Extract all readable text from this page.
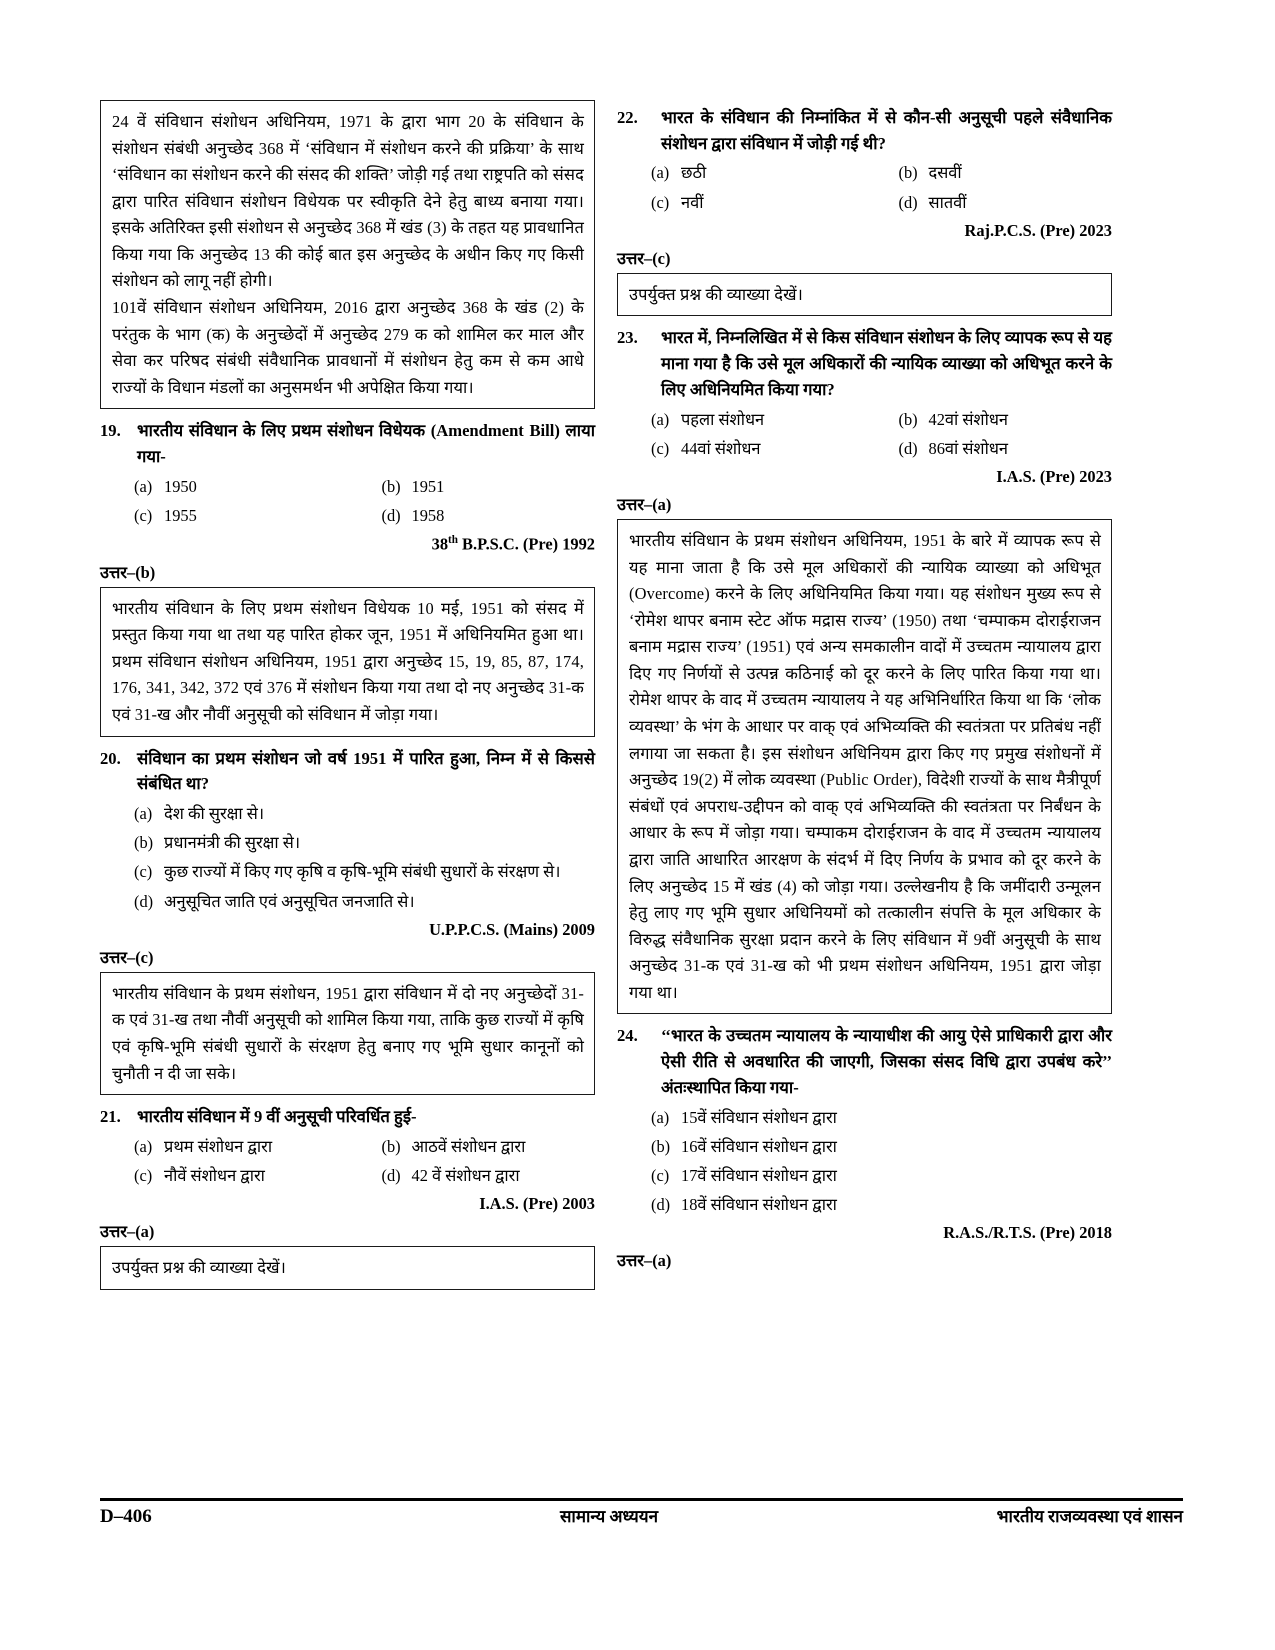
24 वें संविधान संशोधन अधिनियम, 1971 के द्वारा भाग 20 के संविधान के संशोधन संबंधी अनुच्छेद 368 में ‘संविधान में संशोधन करने की प्रक्रिया’ के साथ ‘संविधान का संशोधन करने की संसद की शक्ति’ जोड़ी गई तथा राष्ट्रपति को संसद द्वारा पारित संविधान संशोधन विधेयक पर स्वीकृति देने हेतु बाध्य बनाया गया। इसके अतिरिक्त इसी संशोधन से अनुच्छेद 368 में खंड (3) के तहत यह प्रावधानित किया गया कि अनुच्छेद 13 की कोई बात इस अनुच्छेद के अधीन किए गए किसी संशोधन को लागू नहीं होगी।

101वें संविधान संशोधन अधिनियम, 2016 द्वारा अनुच्छेद 368 के खंड (2) के परंतुक के भाग (क) के अनुच्छेदों में अनुच्छेद 279 क को शामिल कर माल और सेवा कर परिषद संबंधी संवैधानिक प्रावधानों में संशोधन हेतु कम से कम आधे राज्यों के विधान मंडलों का अनुसमर्थन भी अपेक्षित किया गया।

19. भारतीय संविधान के लिए प्रथम संशोधन विधेयक (Amendment Bill) लाया गया-
(a) 1950	(b) 1951
(c) 1955	(d) 1958
38th B.P.S.C. (Pre) 1992
उत्तर–(b)

भारतीय संविधान के लिए प्रथम संशोधन विधेयक 10 मई, 1951 को संसद में प्रस्तुत किया गया था तथा यह पारित होकर जून, 1951 में अधिनियमित हुआ था। प्रथम संविधान संशोधन अधिनियम, 1951 द्वारा अनुच्छेद 15, 19, 85, 87, 174, 176, 341, 342, 372 एवं 376 में संशोधन किया गया तथा दो नए अनुच्छेद 31-क एवं 31-ख और नौवीं अनुसूची को संविधान में जोड़ा गया।

20. संविधान का प्रथम संशोधन जो वर्ष 1951 में पारित हुआ, निम्न में से किससे संबंधित था?
(a) देश की सुरक्षा से।
(b) प्रधानमंत्री की सुरक्षा से।
(c) कुछ राज्यों में किए गए कृषि व कृषि-भूमि संबंधी सुधारों के संरक्षण से।
(d) अनुसूचित जाति एवं अनुसूचित जनजाति से।
U.P.P.C.S. (Mains) 2009
उत्तर–(c)

भारतीय संविधान के प्रथम संशोधन, 1951 द्वारा संविधान में दो नए अनुच्छेदों 31-क एवं 31-ख तथा नौवीं अनुसूची को शामिल किया गया, ताकि कुछ राज्यों में कृषि एवं कृषि-भूमि संबंधी सुधारों के संरक्षण हेतु बनाए गए भूमि सुधार कानूनों को चुनौती न दी जा सके।

21. भारतीय संविधान में 9 वीं अनुसूची परिवर्धित हुई-
(a) प्रथम संशोधन द्वारा	(b) आठवें संशोधन द्वारा
(c) नौवें संशोधन द्वारा	(d) 42 वें संशोधन द्वारा
I.A.S. (Pre) 2003
उत्तर–(a)

उपर्युक्त प्रश्न की व्याख्या देखें।

22.	भारत के संविधान की निम्नांकित में से कौन-सी अनुसूची पहले संवैधानिक संशोधन द्वारा संविधान में जोड़ी गई थी?
(a) छठी	(b) दसवीं
(c) नवीं	(d) सातवीं
Raj.P.C.S. (Pre) 2023
उत्तर–(c)

उपर्युक्त प्रश्न की व्याख्या देखें।

23.	भारत में, निम्नलिखित में से किस संविधान संशोधन के लिए व्यापक रूप से यह माना गया है कि उसे मूल अधिकारों की न्यायिक व्याख्या को अधिभूत करने के लिए अधिनियमित किया गया?
(a) पहला संशोधन	(b) 42वां संशोधन
(c) 44वां संशोधन	(d) 86वां संशोधन
I.A.S. (Pre) 2023
उत्तर–(a)

भारतीय संविधान के प्रथम संशोधन अधिनियम, 1951 के बारे में व्यापक रूप से यह माना जाता है कि उसे मूल अधिकारों की न्यायिक व्याख्या को अधिभूत (Overcome) करने के लिए अधिनियमित किया गया। यह संशोधन मुख्य रूप से ‘रोमेश थापर बनाम स्टेट ऑफ मद्रास राज्य’ (1950) तथा ‘चम्पाकम दोराईराजन बनाम मद्रास राज्य’ (1951) एवं अन्य समकालीन वादों में उच्चतम न्यायालय द्वारा दिए गए निर्णयों से उत्पन्न कठिनाई को दूर करने के लिए पारित किया गया था। रोमेश थापर के वाद में उच्चतम न्यायालय ने यह अभिनिर्धारित किया था कि ‘लोक व्यवस्था’ के भंग के आधार पर वाक् एवं अभिव्यक्ति की स्वतंत्रता पर प्रतिबंध नहीं लगाया जा सकता है। इस संशोधन अधिनियम द्वारा किए गए प्रमुख संशोधनों में अनुच्छेद 19(2) में लोक व्यवस्था (Public Order), विदेशी राज्यों के साथ मैत्रीपूर्ण संबंधों एवं अपराध-उद्दीपन को वाक् एवं अभिव्यक्ति की स्वतंत्रता पर निर्बंधन के आधार के रूप में जोड़ा गया। चम्पाकम दोराईराजन के वाद में उच्चतम न्यायालय द्वारा जाति आधारित आरक्षण के संदर्भ में दिए निर्णय के प्रभाव को दूर करने के लिए अनुच्छेद 15 में खंड (4) को जोड़ा गया। उल्लेखनीय है कि जमींदारी उन्मूलन हेतु लाए गए भूमि सुधार अधिनियमों को तत्कालीन संपत्ति के मूल अधिकार के विरुद्ध संवैधानिक सुरक्षा प्रदान करने के लिए संविधान में 9वीं अनुसूची के साथ अनुच्छेद 31-क एवं 31-ख को भी प्रथम संशोधन अधिनियम, 1951 द्वारा जोड़ा गया था।

24.	‘‘भारत के उच्चतम न्यायालय के न्यायाधीश की आयु ऐसे प्राधिकारी द्वारा और ऐसी रीति से अवधारित की जाएगी, जिसका संसद विधि द्वारा उपबंध करे’’ अंतःस्थापित किया गया-
(a) 15वें संविधान संशोधन द्वारा
(b) 16वें संविधान संशोधन द्वारा
(c) 17वें संविधान संशोधन द्वारा
(d) 18वें संविधान संशोधन द्वारा
R.A.S./R.T.S. (Pre) 2018
उत्तर–(a)
D–406	सामान्य अध्ययन	भारतीय राजव्यवस्था एवं शासन
